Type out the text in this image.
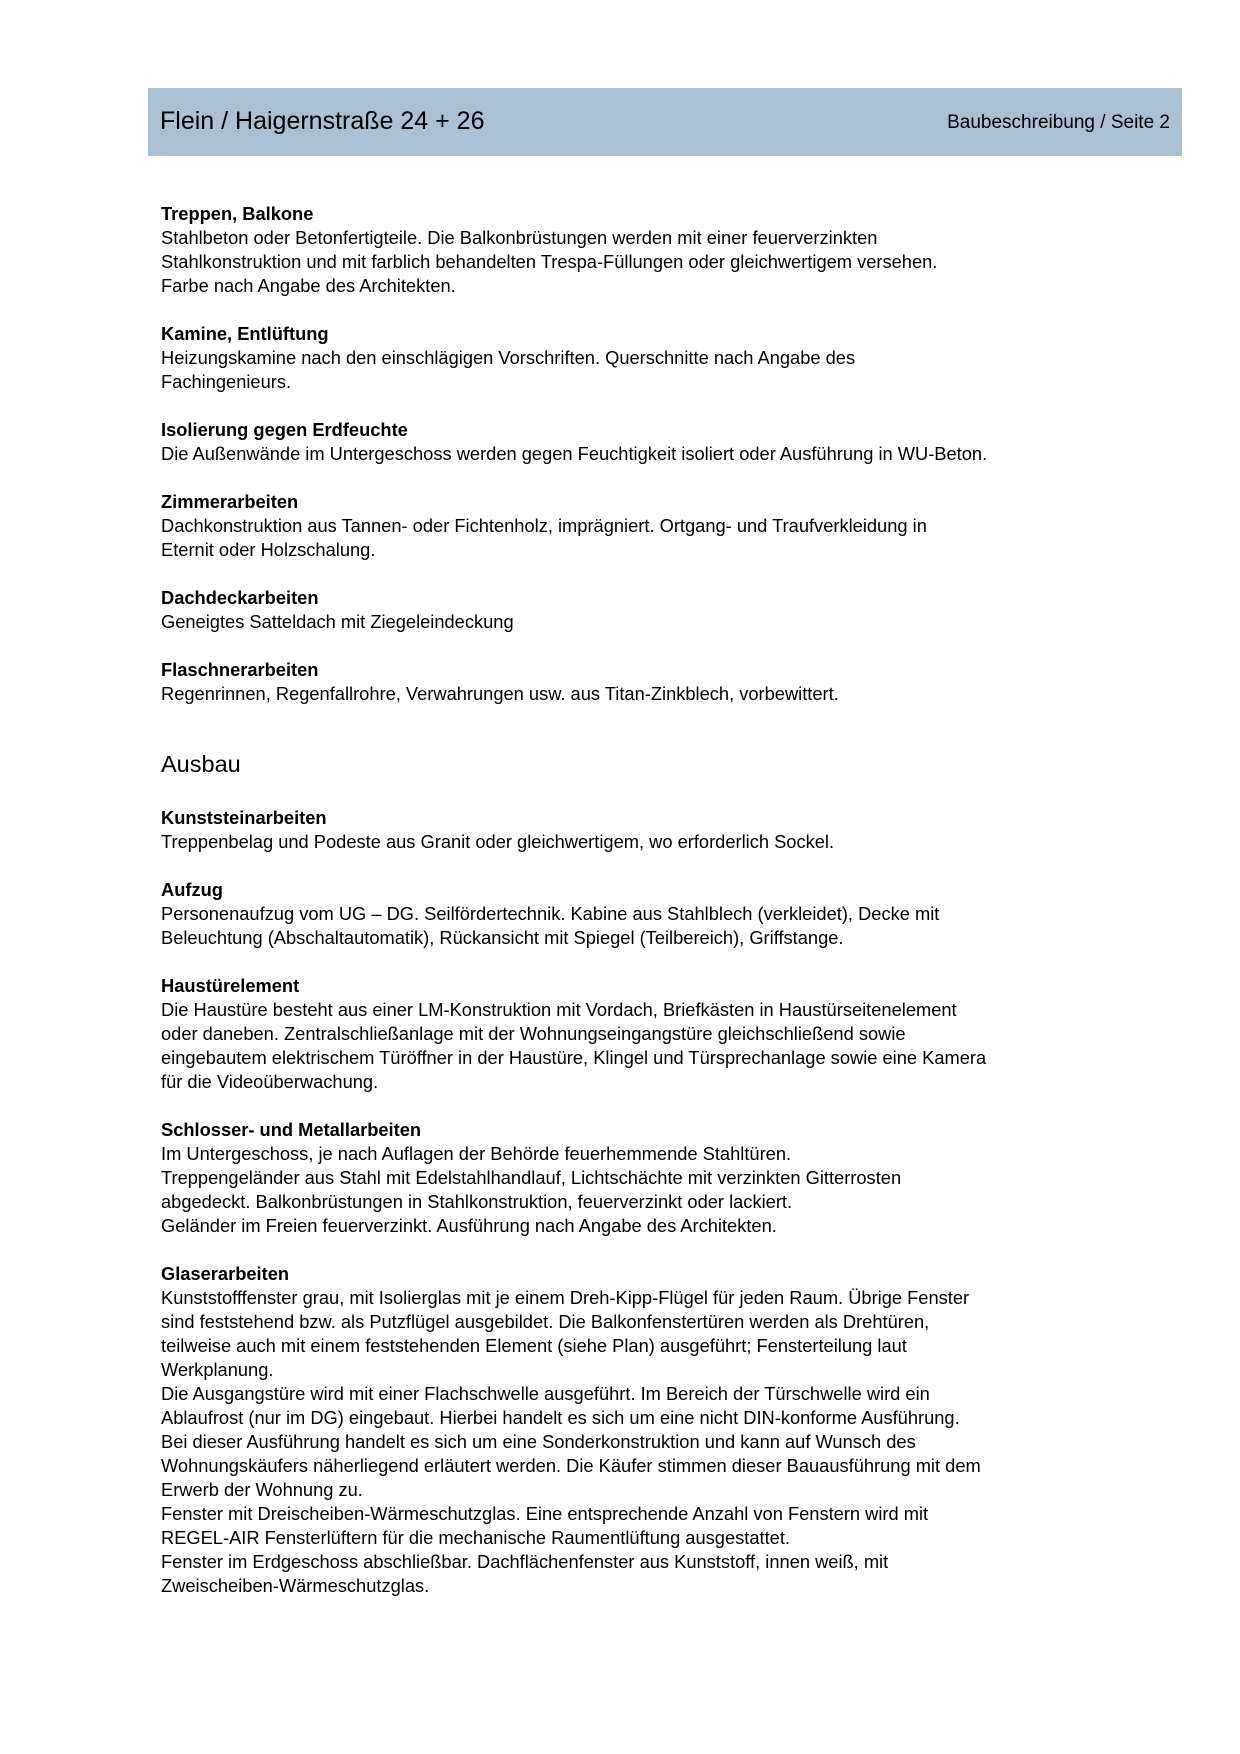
Flein / Haigernstraße 24 + 26	Baubeschreibung / Seite 2
Treppen, Balkone

Stahlbeton oder Betonfertigteile. Die Balkonbrüstungen werden mit einer feuerverzinkten

Stahlkonstruktion und mit farblich behandelten Trespa-Füllungen oder gleichwertigem versehen.

Farbe nach Angabe des Architekten.

Kamine, Entlüftung

Heizungskamine nach den einschlägigen Vorschriften. Querschnitte nach Angabe des

Fachingenieurs.

Isolierung gegen Erdfeuchte

Die Außenwände im Untergeschoss werden gegen Feuchtigkeit isoliert oder Ausführung in WU-Beton.

Zimmerarbeiten

Dachkonstruktion aus Tannen- oder Fichtenholz, imprägniert. Ortgang- und Traufverkleidung in

Eternit oder Holzschalung.

Dachdeckarbeiten

Geneigtes Satteldach mit Ziegeleindeckung

Flaschnerarbeiten

Regenrinnen, Regenfallrohre, Verwahrungen usw. aus Titan-Zinkblech, vorbewittert.

Ausbau
Kunststeinarbeiten

Treppenbelag und Podeste aus Granit oder gleichwertigem, wo erforderlich Sockel.

Aufzug

Personenaufzug vom UG – DG. Seilfördertechnik. Kabine aus Stahlblech (verkleidet), Decke mit

Beleuchtung (Abschaltautomatik), Rückansicht mit Spiegel (Teilbereich), Griffstange.

Haustürelement

Die Haustüre besteht aus einer LM-Konstruktion mit Vordach, Briefkästen in Haustürseitenelement

oder daneben. Zentralschließanlage mit der Wohnungseingangstüre gleichschließend sowie

eingebautem elektrischem Türöffner in der Haustüre, Klingel und Türsprechanlage sowie eine Kamera

für die Videoüberwachung.

Schlosser- und Metallarbeiten

Im Untergeschoss, je nach Auflagen der Behörde feuerhemmende Stahltüren.

Treppengeländer aus Stahl mit Edelstahlhandlauf, Lichtschächte mit verzinkten Gitterrosten

abgedeckt. Balkonbrüstungen in Stahlkonstruktion, feuerverzinkt oder lackiert.

Geländer im Freien feuerverzinkt. Ausführung nach Angabe des Architekten.

Glaserarbeiten

Kunststofffenster grau, mit Isolierglas mit je einem Dreh-Kipp-Flügel für jeden Raum. Übrige Fenster

sind feststehend bzw. als Putzflügel ausgebildet. Die Balkonfenstertüren werden als Drehtüren,

teilweise auch mit einem feststehenden Element (siehe Plan) ausgeführt; Fensterteilung laut

Werkplanung.

Die Ausgangstüre wird mit einer Flachschwelle ausgeführt. Im Bereich der Türschwelle wird ein

Ablaufrost (nur im DG) eingebaut. Hierbei handelt es sich um eine nicht DIN-konforme Ausführung.

Bei dieser Ausführung handelt es sich um eine Sonderkonstruktion und kann auf Wunsch des

Wohnungskäufers näherliegend erläutert werden. Die Käufer stimmen dieser Bauausführung mit dem

Erwerb der Wohnung zu.

Fenster mit Dreischeiben-Wärmeschutzglas. Eine entsprechende Anzahl von Fenstern wird mit

REGEL-AIR Fensterlüftern für die mechanische Raumentlüftung ausgestattet.

Fenster im Erdgeschoss abschließbar. Dachflächenfenster aus Kunststoff, innen weiß, mit

Zweischeiben-Wärmeschutzglas.
